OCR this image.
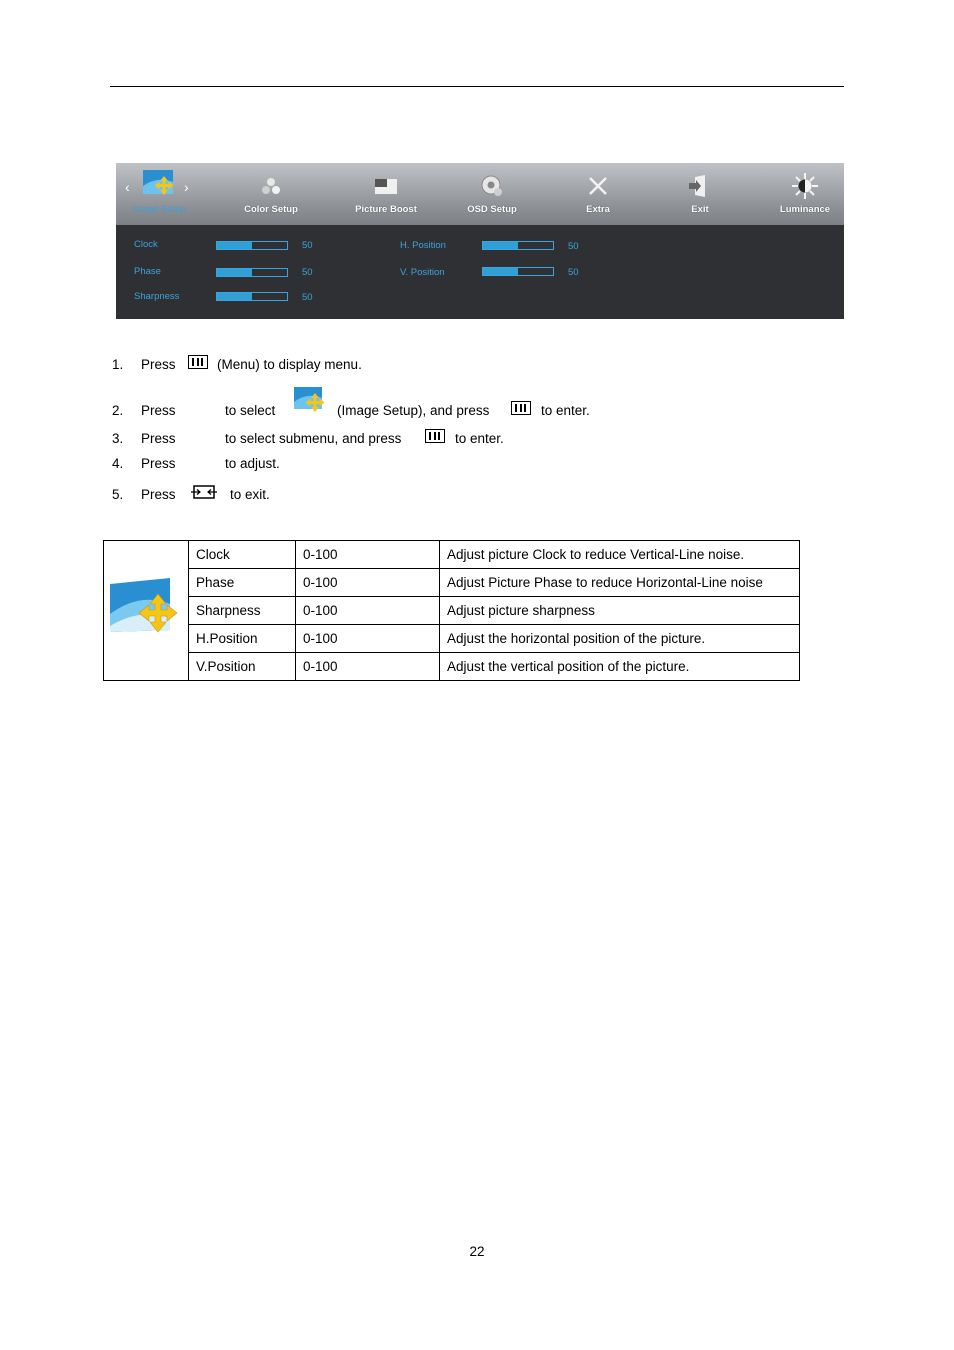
‹	›
Image Setup	Color Setup	Picture Boost	OSD Setup	Extra	Exit	Luminance
Clock	50
Phase	50
Sharpness	50
H. Position	50
V. Position	50
1. Press	(Menu) to display menu.
2. Press	to select	(Image Setup), and press	to enter.
3. Press	to select submenu, and press	to enter.
4. Press	to adjust.
5. Press	to exit.
	Clock	0-100	Adjust picture Clock to reduce Vertical-Line noise.
	Phase	0-100	Adjust Picture Phase to reduce Horizontal-Line noise
	Sharpness	0-100	Adjust picture sharpness
	H.Position	0-100	Adjust the horizontal position of the picture.
	V.Position	0-100	Adjust the vertical position of the picture.
22
